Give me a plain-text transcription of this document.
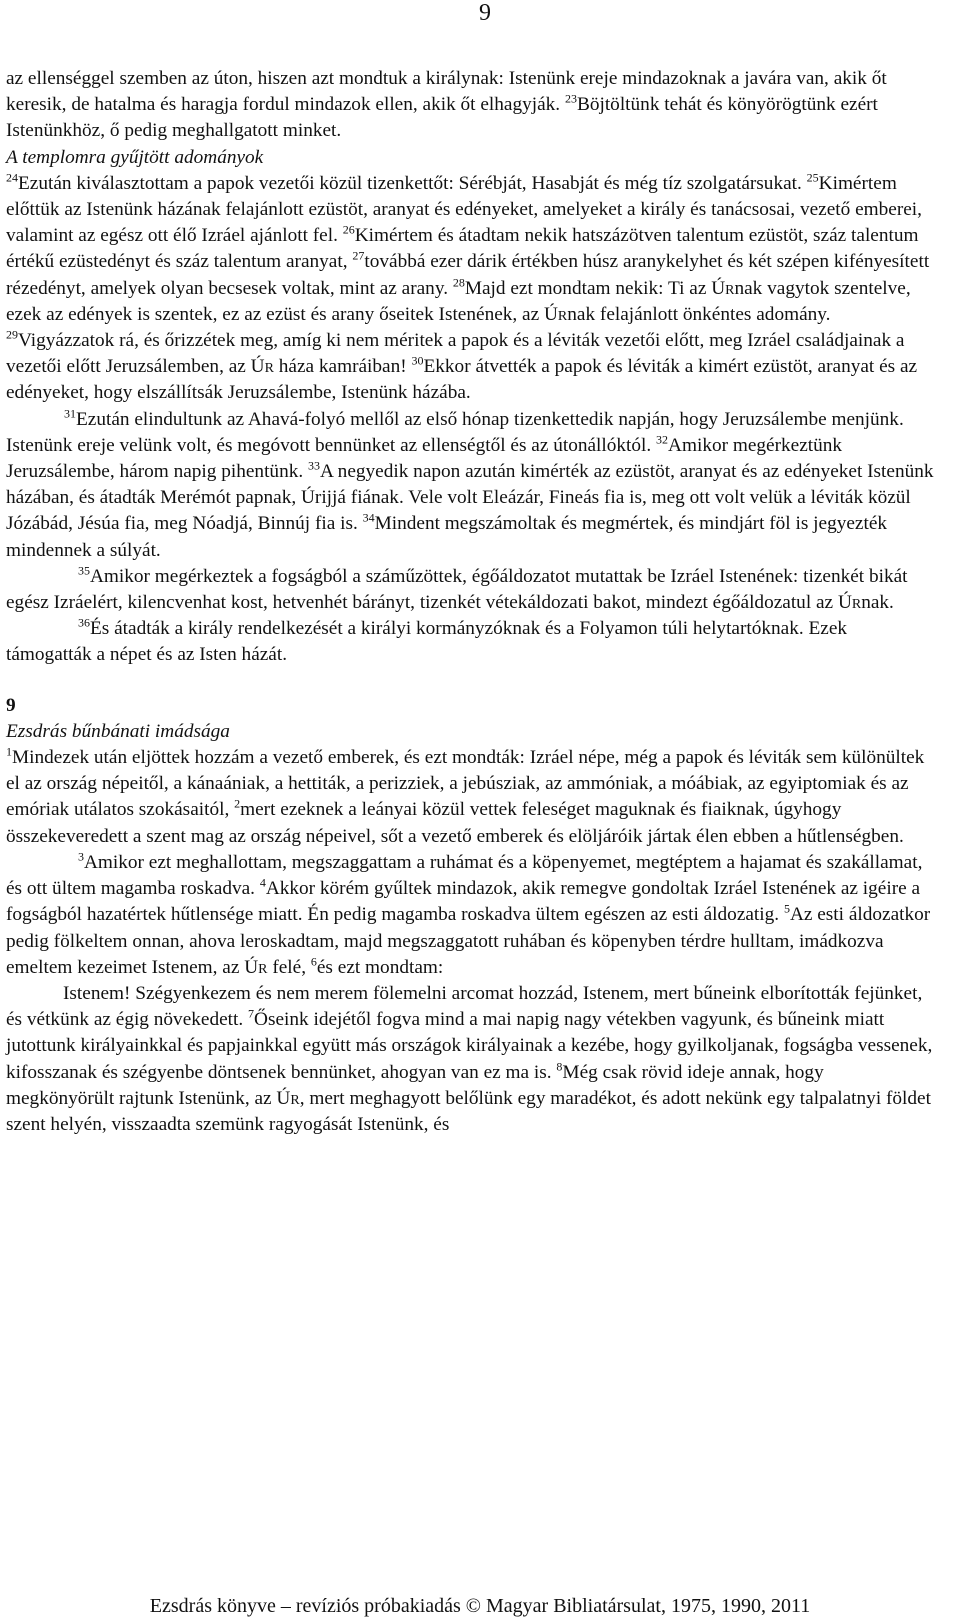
9

az ellenséggel szemben az úton, hiszen azt mondtuk a királynak: Istenünk ereje mindazoknak a javára van, akik őt keresik, de hatalma és haragja fordul mindazok ellen, akik őt elhagyják. $^{23}$Böjtöltünk tehát és könyörögtünk ezért Istenünkhöz, ő pedig meghallgatott minket.

A templomra gyűjtött adományok

$^{24}$Ezután kiválasztottam a papok vezetői közül tizenkettőt: Sérébját, Hasabját és még tíz szolgatársukat. $^{25}$Kimértem előttük az Istenünk házának felajánlott ezüstöt, aranyat és edényeket, amelyeket a király és tanácsosai, vezető emberei, valamint az egész ott élő Izráel ajánlott fel. $^{26}$Kimértem és átadtam nekik hatszázötven talentum ezüstöt, száz talentum értékű ezüstedényt és száz talentum aranyat, $^{27}$továbbá ezer dárik értékben húsz aranykelyhet és két szépen kifényesített rézedényt, amelyek olyan becsesek voltak, mint az arany. $^{28}$Majd ezt mondtam nekik: Ti az Úrnak vagytok szentelve, ezek az edények is szentek, ez az ezüst és arany őseitek Istenének, az Úrnak felajánlott önkéntes adomány. $^{29}$Vigyázzatok rá, és őrizzétek meg, amíg ki nem méritek a papok és a léviták vezetői előtt, meg Izráel családjainak a vezetői előtt Jeruzsálemben, az Úr háza kamráiban! $^{30}$Ekkor átvették a papok és léviták a kimért ezüstöt, aranyat és az edényeket, hogy elszállítsák Jeruzsálembe, Istenünk házába.

$^{31}$Ezután elindultunk az Ahavá-folyó mellől az első hónap tizenkettedik napján, hogy Jeruzsálembe menjünk. Istenünk ereje velünk volt, és megóvott bennünket az ellenségtől és az útonállóktól. $^{32}$Amikor megérkeztünk Jeruzsálembe, három napig pihentünk. $^{33}$A negyedik napon azután kimérték az ezüstöt, aranyat és az edényeket Istenünk házában, és átadták Merémót papnak, Úrijjá fiának. Vele volt Eleázár, Fineás fia is, meg ott volt velük a léviták közül Józábád, Jésúa fia, meg Nóadjá, Binnúj fia is. $^{34}$Mindent megszámoltak és megmértek, és mindjárt föl is jegyezték mindennek a súlyát.

$^{35}$Amikor megérkeztek a fogságból a száműzöttek, égőáldozatot mutattak be Izráel Istenének: tizenkét bikát egész Izráelért, kilencvenhat kost, hetvenhét bárányt, tizenkét vétekáldozati bakot, mindezt égőáldozatul az Úrnak.

$^{36}$És átadták a király rendelkezését a királyi kormányzóknak és a Folyamon túli helytartóknak. Ezek támogatták a népet és az Isten házát.

9

Ezsdrás bűnbánati imádsága

$^1$Mindezek után eljöttek hozzám a vezető emberek, és ezt mondták: Izráel népe, még a papok és léviták sem különültek el az ország népeitől, a kánaániak, a hettiták, a perizziek, a jebúsziak, az ammóniak, a móábiak, az egyiptomiak és az emóriak utálatos szokásaitól, $^2$mert ezeknek a leányai közül vettek feleséget maguknak és fiaiknak, úgyhogy összekeveredett a szent mag az ország népeivel, sőt a vezető emberek és elöljáróik jártak élen ebben a hűtlenségben.

$^3$Amikor ezt meghallottam, megszaggattam a ruhámat és a köpenyemet, megtéptem a hajamat és szakállamat, és ott ültem magamba roskadva. $^4$Akkor körém gyűltek mindazok, akik remegve gondoltak Izráel Istenének az igéire a fogságból hazatértek hűtlensége miatt. Én pedig magamba roskadva ültem egészen az esti áldozatig. $^5$Az esti áldozatkor pedig fölkeltem onnan, ahova leroskadtam, majd megszaggatott ruhában és köpenyben térdre hulltam, imádkozva emeltem kezeimet Istenem, az Úr felé, $^6$és ezt mondtam:

Istenem! Szégyenkezem és nem merem fölemelni arcomat hozzád, Istenem, mert bűneink elborították fejünket, és vétkünk az égig növekedett. $^7$Őseink idejétől fogva mind a mai napig nagy vétekben vagyunk, és bűneink miatt jutottunk királyainkkal és papjainkkal együtt más országok királyainak a kezébe, hogy gyilkoljanak, fogságba vessenek, kifosszanak és szégyenbe döntsenek bennünket, ahogyan van ez ma is. $^8$Még csak rövid ideje annak, hogy megkönyörült rajtunk Istenünk, az Úr, mert meghagyott belőlünk egy maradékot, és adott nekünk egy talpalatnyi földet szent helyén, visszaadta szemünk ragyogását Istenünk, és

Ezsdrás könyve – revíziós próbakiadás © Magyar Bibliatársulat, 1975, 1990, 2011
